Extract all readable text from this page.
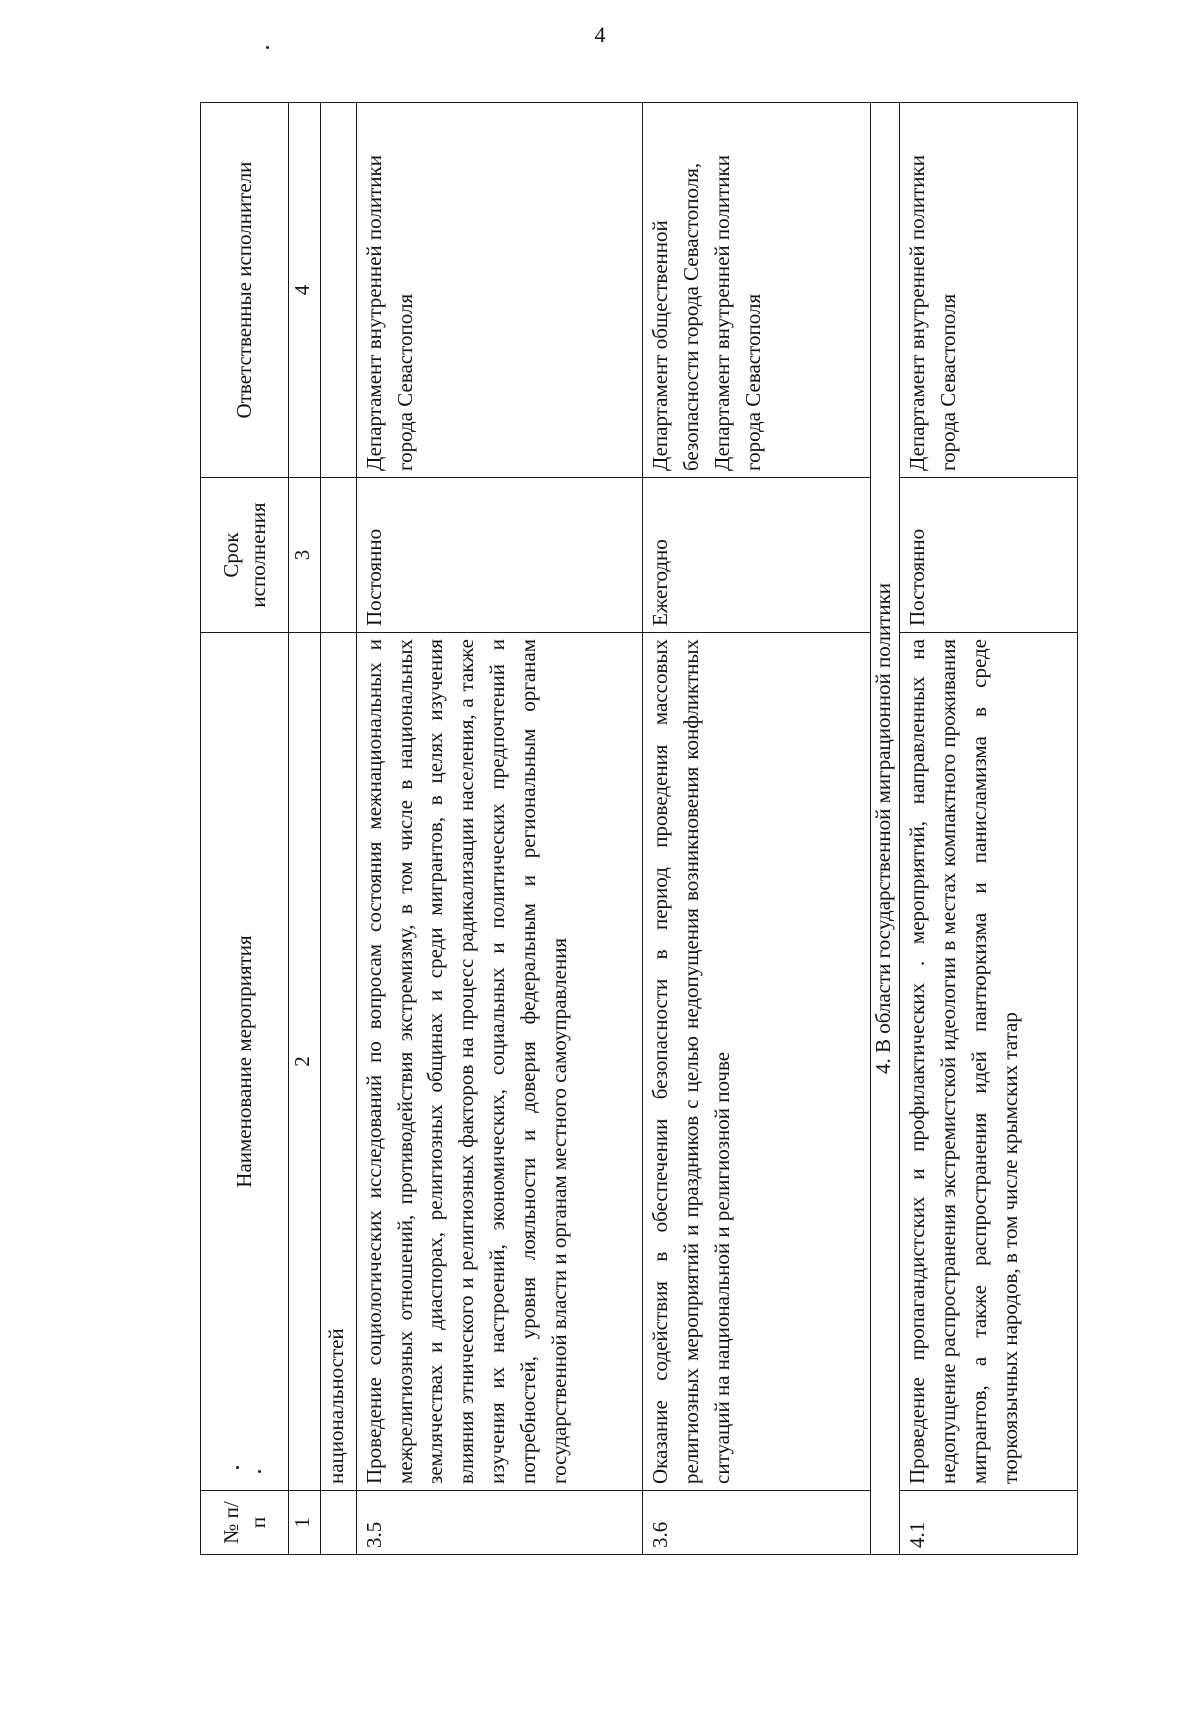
4
№ п/п	Наименование мероприятия	Срок исполнения	Ответственные исполнители
1	2	3	4
	национальностей		
3.5	Проведение социологических исследований по вопросам состояния межнациональных и межрелигиозных отношений, противодействия экстремизму, в том числе в национальных землячествах и диаспорах, религиозных общинах и среди мигрантов, в целях изучения влияния этнического и религиозных факторов на процесс радикализации населения, а также изучения их настроений, экономических, социальных и политических предпочтений и потребностей, уровня лояльности и доверия федеральным и региональным органам государственной власти и органам местного самоуправления	Постоянно	Департамент внутренней политики города Севастополя
3.6	Оказание содействия в обеспечении безопасности в период проведения массовых религиозных мероприятий и праздников с целью недопущения возникновения конфликтных ситуаций на национальной и религиозной почве	Ежегодно	Департамент общественной безопасности города Севастополя, Департамент внутренней политики города Севастополя
4. В области государственной миграционной политики			
4.1	Проведение пропагандистских и профилактических . мероприятий, направленных на недопущение распространения экстремистской идеологии в местах компактного проживания мигрантов, а также распространения идей пантюркизма и панисламизма в среде тюркоязычных народов, в том числе крымских татар	Постоянно	Департамент внутренней политики города Севастополя
